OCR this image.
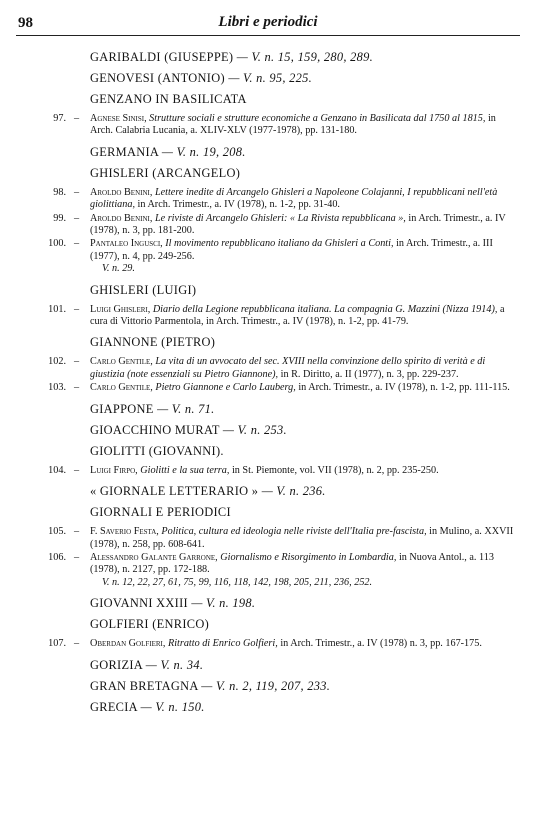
98	Libri e periodici
GARIBALDI (GIUSEPPE) — V. n. 15, 159, 280, 289.
GENOVESI (ANTONIO) — V. n. 95, 225.
GENZANO IN BASILICATA
97. – Agnese Sinisi, Strutture sociali e strutture economiche a Genzano in Basilicata dal 1750 al 1815, in Arch. Calabria Lucania, a. XLIV-XLV (1977-1978), pp. 131-180.
GERMANIA — V. n. 19, 208.
GHISLERI (ARCANGELO)
98. – Aroldo Benini, Lettere inedite di Arcangelo Ghisleri a Napoleone Colajanni, I repubblicani nell'età giolittiana, in Arch. Trimestr., a. IV (1978), n. 1-2, pp. 31-40.
99. – Aroldo Benini, Le riviste di Arcangelo Ghisleri: « La Rivista repubblicana », in Arch. Trimestr., a. IV (1978), n. 3, pp. 181-200.
100. – Pantaleo Ingusci, Il movimento repubblicano italiano da Ghisleri a Conti, in Arch. Trimestr., a. III (1977), n. 4, pp. 249-256.
V. n. 29.
GHISLERI (LUIGI)
101. – Luigi Ghisleri, Diario della Legione repubblicana italiana. La compagnia G. Mazzini (Nizza 1914), a cura di Vittorio Parmentola, in Arch. Trimestr., a. IV (1978), n. 1-2, pp. 41-79.
GIANNONE (PIETRO)
102. – Carlo Gentile, La vita di un avvocato del sec. XVIII nella convinzione dello spirito di verità e di giustizia (note essenziali su Pietro Giannone), in R. Diritto, a. II (1977), n. 3, pp. 229-237.
103. – Carlo Gentile, Pietro Giannone e Carlo Lauberg, in Arch. Trimestr., a. IV (1978), n. 1-2, pp. 111-115.
GIAPPONE — V. n. 71.
GIOACCHINO MURAT — V. n. 253.
GIOLITTI (GIOVANNI).
104. – Luigi Firpo, Giolitti e la sua terra, in St. Piemonte, vol. VII (1978), n. 2, pp. 235-250.
« GIORNALE LETTERARIO » — V. n. 236.
GIORNALI E PERIODICI
105. – F. Saverio Festa, Politica, cultura ed ideologia nelle riviste dell'Italia pre-fascista, in Mulino, a. XXVII (1978), n. 258, pp. 608-641.
106. – Alessandro Galante Garrone, Giornalismo e Risorgimento in Lombardia, in Nuova Antol., a. 113 (1978), n. 2127, pp. 172-188.
V. n. 12, 22, 27, 61, 75, 99, 116, 118, 142, 198, 205, 211, 236, 252.
GIOVANNI XXIII — V. n. 198.
GOLFIERI (ENRICO)
107. – Oberdan Golfieri, Ritratto di Enrico Golfieri, in Arch. Trimestr., a. IV (1978) n. 3, pp. 167-175.
GORIZIA — V. n. 34.
GRAN BRETAGNA — V. n. 2, 119, 207, 233.
GRECIA — V. n. 150.
